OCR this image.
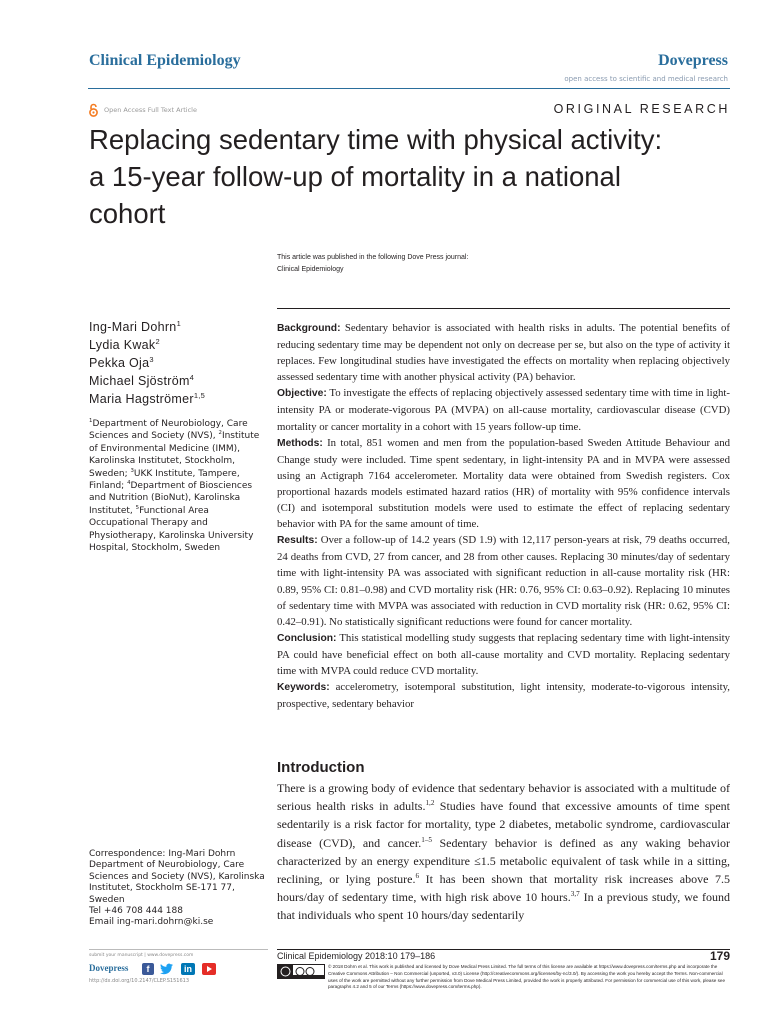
Clinical Epidemiology	Dovepress
open access to scientific and medical research
Open Access Full Text Article	ORIGINAL RESEARCH
Replacing sedentary time with physical activity:
a 15-year follow-up of mortality in a national
cohort
This article was published in the following Dove Press journal:
Clinical Epidemiology
Ing-Mari Dohrn$^1$
Lydia Kwak$^2$
Pekka Oja$^3$
Michael Sjöström$^4$
Maria Hagströmer$^{1,5}$
$^1$Department of Neurobiology, Care Sciences and Society (NVS), $^2$Institute of Environmental Medicine (IMM), Karolinska Institutet, Stockholm, Sweden; $^3$UKK Institute, Tampere, Finland; $^4$Department of Biosciences and Nutrition (BioNut), Karolinska Institutet, $^5$Functional Area Occupational Therapy and Physiotherapy, Karolinska University Hospital, Stockholm, Sweden

Background: Sedentary behavior is associated with health risks in adults. The potential benefits of reducing sedentary time may be dependent not only on decrease per se, but also on the type of activity it replaces. Few longitudinal studies have investigated the effects on mortality when replacing objectively assessed sedentary time with another physical activity (PA) behavior.

Objective: To investigate the effects of replacing objectively assessed sedentary time with time in light-intensity PA or moderate-vigorous PA (MVPA) on all-cause mortality, cardiovascular disease (CVD) mortality or cancer mortality in a cohort with 15 years follow-up time.

Methods: In total, 851 women and men from the population-based Sweden Attitude Behaviour and Change study were included. Time spent sedentary, in light-intensity PA and in MVPA were assessed using an Actigraph 7164 accelerometer. Mortality data were obtained from Swedish registers. Cox proportional hazards models estimated hazard ratios (HR) of mortality with 95% confidence intervals (CI) and isotemporal substitution models were used to estimate the effect of replacing sedentary behavior with PA for the same amount of time.

Results: Over a follow-up of 14.2 years (SD 1.9) with 12,117 person-years at risk, 79 deaths occurred, 24 deaths from CVD, 27 from cancer, and 28 from other causes. Replacing 30 minutes/day of sedentary time with light-intensity PA was associated with significant reduction in all-cause mortality risk (HR: 0.89, 95% CI: 0.81–0.98) and CVD mortality risk (HR: 0.76, 95% CI: 0.63–0.92). Replacing 10 minutes of sedentary time with MVPA was associated with reduction in CVD mortality risk (HR: 0.62, 95% CI: 0.42–0.91). No statistically significant reductions were found for cancer mortality.

Conclusion: This statistical modelling study suggests that replacing sedentary time with light-intensity PA could have beneficial effect on both all-cause mortality and CVD mortality. Replacing sedentary time with MVPA could reduce CVD mortality.

Keywords: accelerometry, isotemporal substitution, light intensity, moderate-to-vigorous intensity, prospective, sedentary behavior

Introduction

There is a growing body of evidence that sedentary behavior is associated with a multitude of serious health risks in adults.$^{1,2}$ Studies have found that excessive amounts of time spent sedentarily is a risk factor for mortality, type 2 diabetes, metabolic syndrome, cardiovascular disease (CVD), and cancer.$^{1-5}$ Sedentary behavior is defined as any waking behavior characterized by an energy expenditure ≤1.5 metabolic equivalent of task while in a sitting, reclining, or lying posture.$^6$ It has been shown that mortality risk increases above 7.5 hours/day of sedentary time, with high risk above 10 hours.$^{3,7}$ In a previous study, we found that individuals who spent 10 hours/day sedentarily

Correspondence: Ing-Mari Dohrn
Department of Neurobiology, Care Sciences and Society (NVS), Karolinska Institutet, Stockholm SE-171 77, Sweden
Tel +46 708 444 188
Email ing-mari.dohrn@ki.se
submit your manuscript | www.dovepress.com
Dovepress	f	in
http://dx.doi.org/10.2147/CLEP.S151613
Clinical Epidemiology 2018:10 179–186	179
© 2018 Dohrn et al. This work is published and licensed by Dove Medical Press Limited. The full terms of this license are available at https://www.dovepress.com/terms.php and incorporate the Creative Commons Attribution – Non Commercial (unported, v3.0) License (http://creativecommons.org/licenses/by-nc/3.0/). By accessing the work you hereby accept the Terms. Non-commercial uses of the work are permitted without any further permission from Dove Medical Press Limited, provided the work is properly attributed. For permission for commercial use of this work, please see paragraphs 4.2 and 5 of our Terms (https://www.dovepress.com/terms.php).
